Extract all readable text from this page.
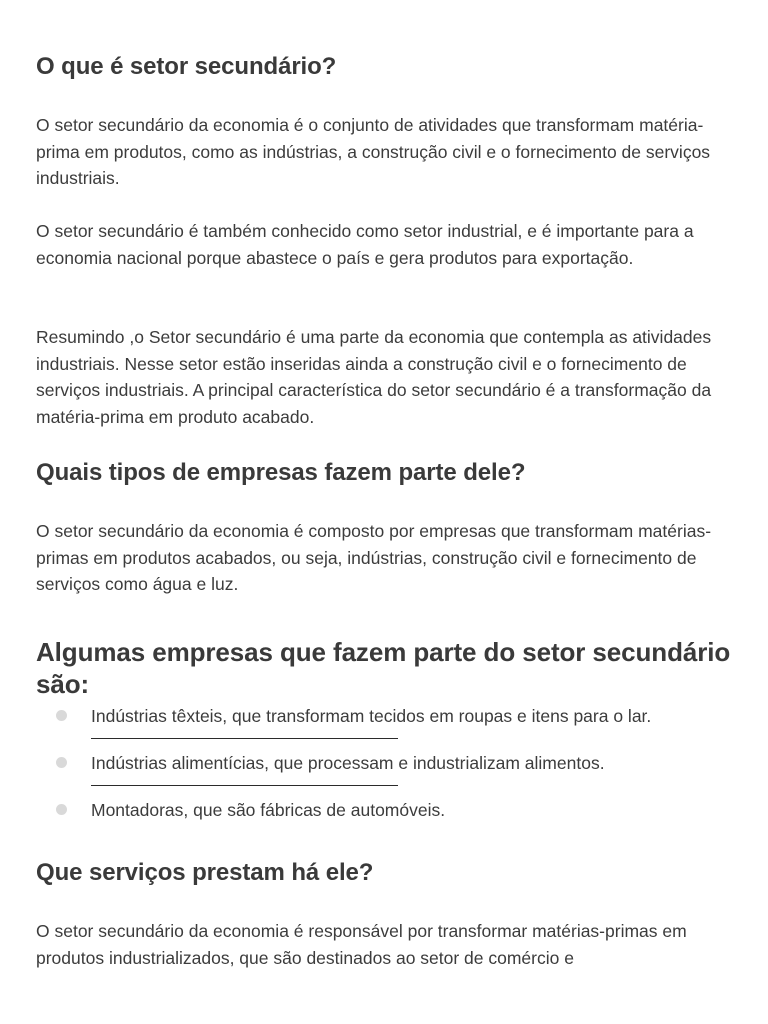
O que é setor secundário?

O setor secundário da economia é o conjunto de atividades que transformam matéria-prima em produtos, como as indústrias, a construção civil e o fornecimento de serviços industriais.

O setor secundário é também conhecido como setor industrial, e é importante para a economia nacional porque abastece o país e gera produtos para exportação.

Resumindo ,o Setor secundário é uma parte da economia que contempla as atividades industriais. Nesse setor estão inseridas ainda a construção civil e o fornecimento de serviços industriais. A principal característica do setor secundário é a transformação da matéria-prima em produto acabado.

Quais tipos de empresas fazem parte dele?

O setor secundário da economia é composto por empresas que transformam matérias-primas em produtos acabados, ou seja, indústrias, construção civil e fornecimento de serviços como água e luz.

Algumas empresas que fazem parte do setor secundário são:
Indústrias têxteis, que transformam tecidos em roupas e itens para o lar.
Indústrias alimentícias, que processam e industrializam alimentos.
Montadoras, que são fábricas de automóveis.
Que serviços prestam há ele?

O setor secundário da economia é responsável por transformar matérias-primas em produtos industrializados, que são destinados ao setor de comércio e
